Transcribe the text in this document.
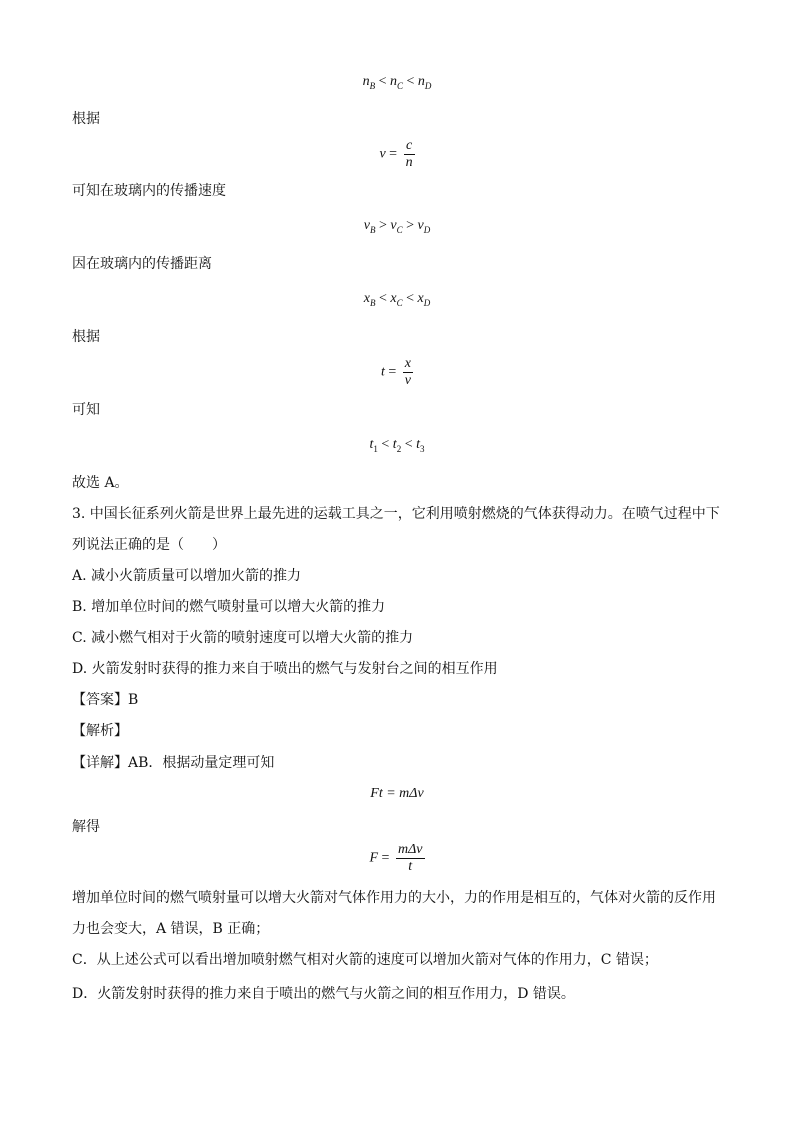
$n_B < n_C < n_D$
根据
$v = \frac{c}{n}$
可知在玻璃内的传播速度
$v_B > v_C > v_D$
因在玻璃内的传播距离
$x_B < x_C < x_D$
根据
$t = \frac{x}{v}$
可知
$t_1 < t_2 < t_3$
故选 A。
3. 中国长征系列火箭是世界上最先进的运载工具之一，它利用喷射燃烧的气体获得动力。在喷气过程中下
列说法正确的是（　　）
A. 减小火箭质量可以增加火箭的推力
B. 增加单位时间的燃气喷射量可以增大火箭的推力
C. 减小燃气相对于火箭的喷射速度可以增大火箭的推力
D. 火箭发射时获得的推力来自于喷出的燃气与发射台之间的相互作用
【答案】B
【解析】
【详解】AB．根据动量定理可知
Ft = mΔv
解得
$F = \frac{\text{mΔv}}{t}$
增加单位时间的燃气喷射量可以增大火箭对气体作用力的大小，力的作用是相互的，气体对火箭的反作用
力也会变大，A 错误，B 正确；
C．从上述公式可以看出增加喷射燃气相对火箭的速度可以增加火箭对气体的作用力，C 错误；
D．火箭发射时获得的推力来自于喷出的燃气与火箭之间的相互作用力，D 错误。
